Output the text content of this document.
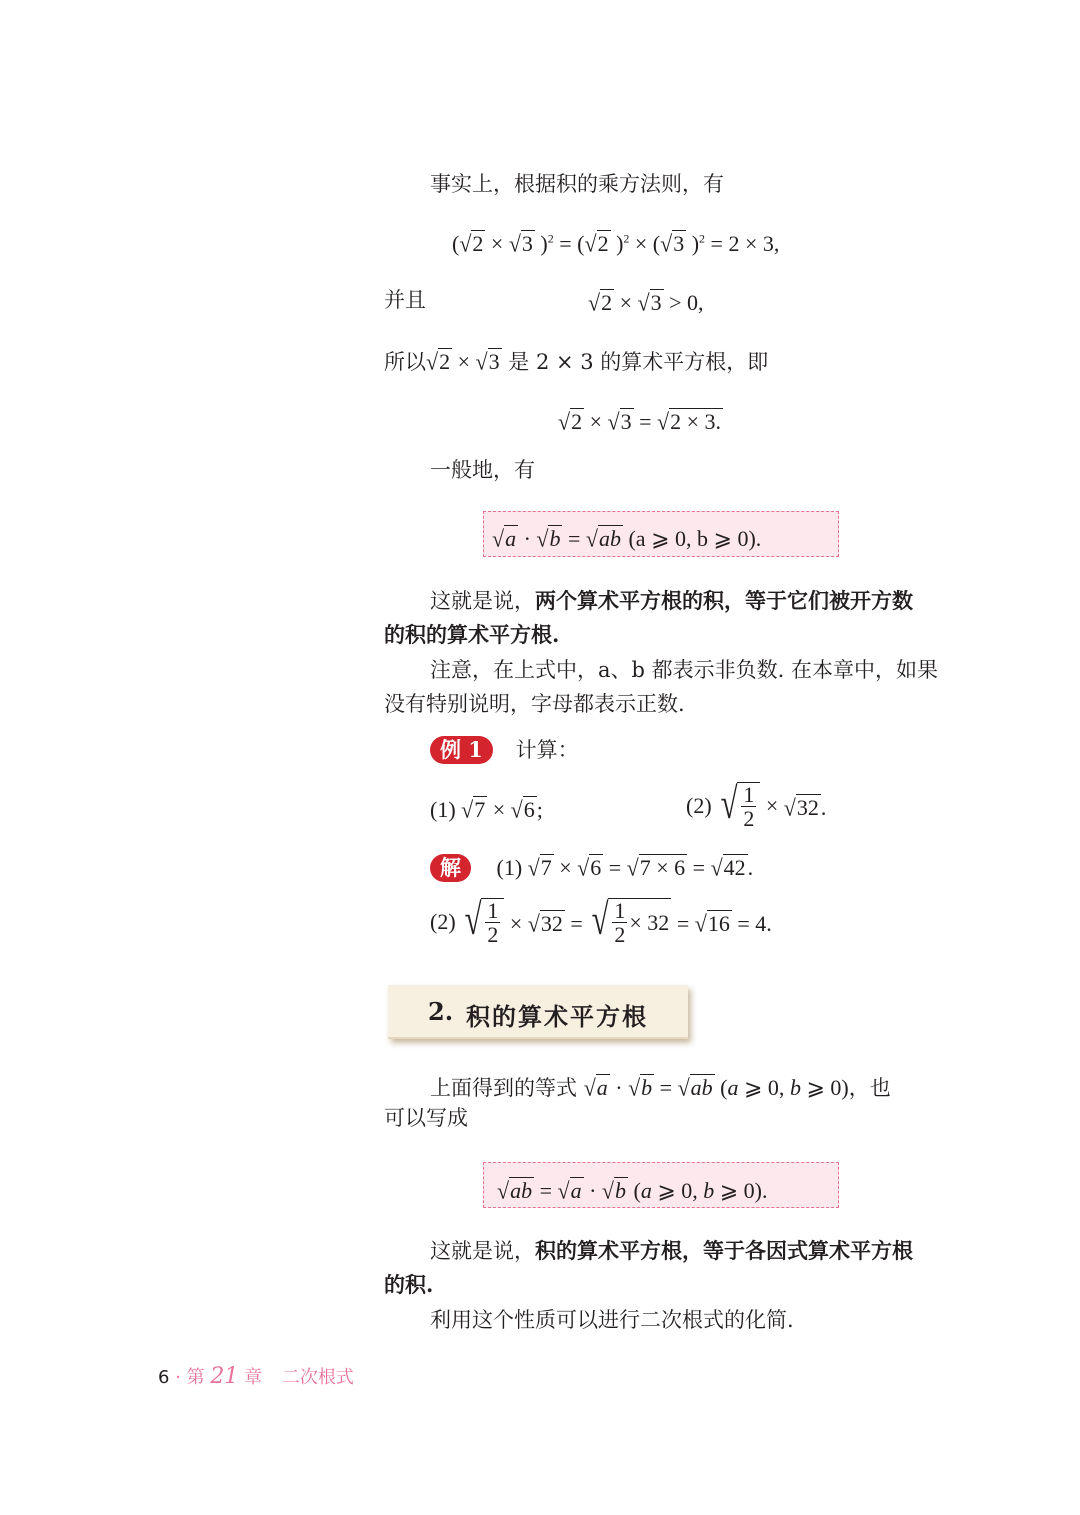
事实上，根据积的乘方法则，有
(√2 × √3 )$^2$ = (√2 )$^2$ × (√3 )$^2$ = 2 × 3,
并且	√2 × √3 > 0,
所以√2 × √3 是 2 × 3 的算术平方根，即
√2 × √3 = √2 × 3.
一般地，有
√a · √b = √ab (a ⩾ 0, b ⩾ 0).
这就是说，两个算术平方根的积，等于它们被开方数
的积的算术平方根.
注意，在上式中，a、b 都表示非负数. 在本章中，如果
没有特别说明，字母都表示正数.
例 1 计算：
(1) √7 × √6;	(2) √ $\frac{1}{2} \times √32$.
解 (1) √7 × √6 = √7 × 6 = √42.
(2) √ $\frac{1}{2} \times √32$ = √ $\frac{1}{2} \times 32 = √16 = 4$.
2. 积的算术平方根
上面得到的等式 √a · √b = √ab (a ⩾ 0, b ⩾ 0)，也
可以写成
√ab = √a · √b (a ⩾ 0, b ⩾ 0).
这就是说，积的算术平方根，等于各因式算术平方根
的积.
利用这个性质可以进行二次根式的化简.
6 · 第 21 章 二次根式
